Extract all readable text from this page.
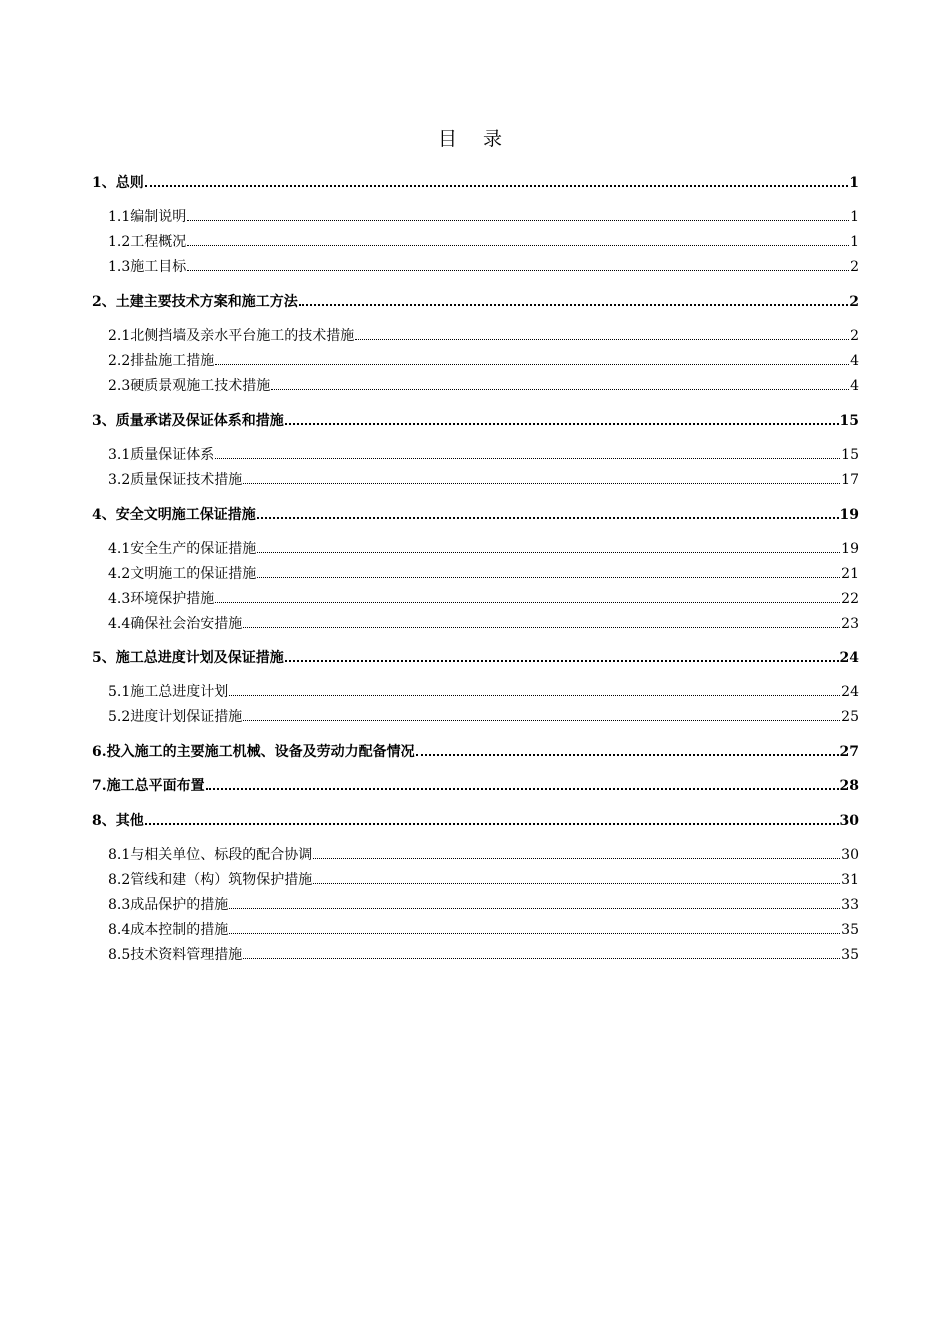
目 录
1、总则	1
1.1编制说明	1
1.2工程概况	1
1.3施工目标	2
2、土建主要技术方案和施工方法	2
2.1北侧挡墙及亲水平台施工的技术措施	2
2.2排盐施工措施	4
2.3硬质景观施工技术措施	4
3、质量承诺及保证体系和措施	15
3.1质量保证体系	15
3.2质量保证技术措施	17
4、安全文明施工保证措施	19
4.1安全生产的保证措施	19
4.2文明施工的保证措施	21
4.3环境保护措施	22
4.4确保社会治安措施	23
5、施工总进度计划及保证措施	24
5.1施工总进度计划	24
5.2进度计划保证措施	25
6.投入施工的主要施工机械、设备及劳动力配备情况	27
7.施工总平面布置	28
8、其他	30
8.1与相关单位、标段的配合协调	30
8.2管线和建（构）筑物保护措施	31
8.3成品保护的措施	33
8.4成本控制的措施	35
8.5技术资料管理措施	35
